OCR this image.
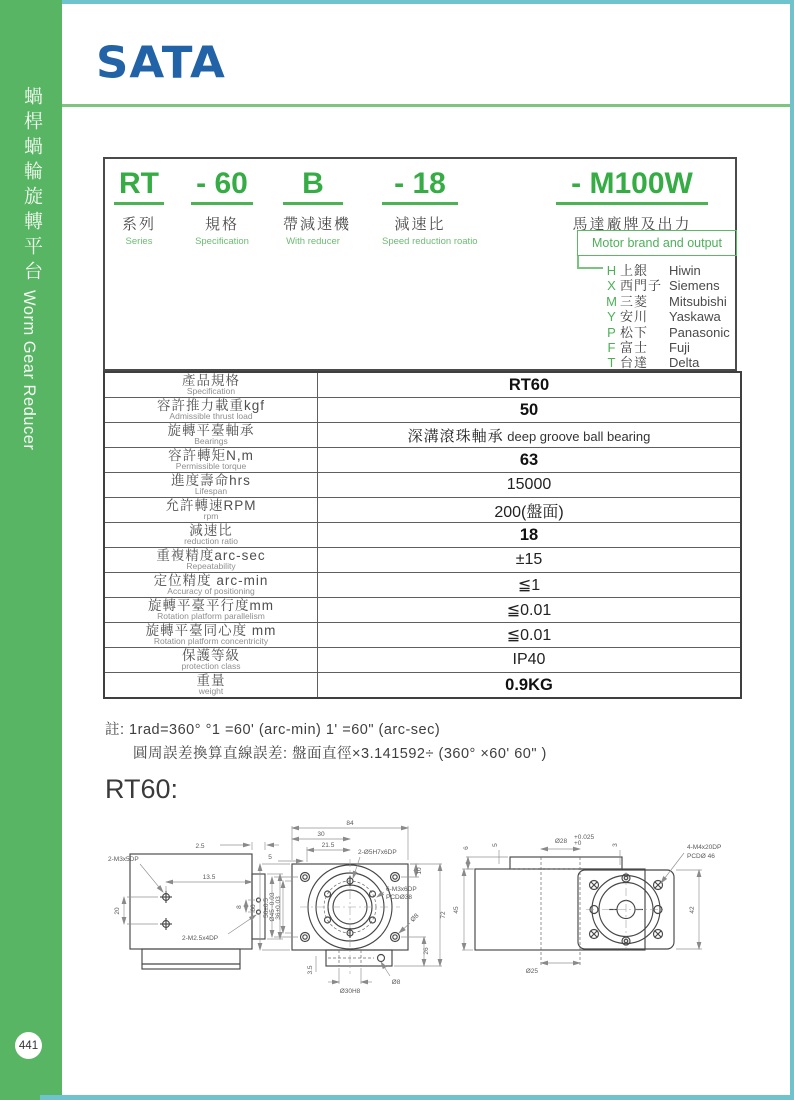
蝸桿蝸輪旋轉平台
Worm Gear Reducer
441
SATA
RT
系列
Series
- 60
規格
Specification
B
帶減速機
With reducer
- 18
減速比
Speed reduction roatio
- M100W
馬達廠牌及出力
Motor brand and output
H 上銀	Hiwin
X 西門子 Siemens
M 三菱	Mitsubishi
Y 安川	Yaskawa
P 松下	Panasonic
F 富士	Fuji
T 台達	Delta
產品規格
Specification	RT60

容許推力載重kgf
Admissible thrust load	50

旋轉平臺軸承
Bearings	深溝滾珠軸承 deep groove ball bearing

容許轉矩N,m
Permissible torque	63

進度壽命hrs
Lifespan	15000

允許轉速RPM
rpm	200(盤面)

減速比
reduction ratio	18

重複精度arc-sec
Repeatability	±15

定位精度 arc-min
Accuracy of positioning	≦1

旋轉平臺平行度mm
Rotation platform parallelism	≦0.01

旋轉平臺同心度 mm
Rotation platform concentricity	≦0.01

保護等級
protection class	IP40

重量
weight	0.9KG
註: 1rad=360° °1 =60' (arc-min) 1' =60" (arc-sec)
圓周誤差換算直線誤差: 盤面直徑×3.141592÷ (360° ×60' 60" )
RT60:
2-M3x5DP
2.5
13.5
20
8	Ø45 -0.03
2-M2.5x4DP
84
30
21.5
5
2-Ø5H7x6DP
60 50±0.5 36±0.03
10
72
26
Ø8
6-M3x6DP
PCDØ38
3.5
Ø30H8
Ø8
6
5	Ø28
+0.025
+0	3	4-M4x20DP
PCDØ 46
45	42
Ø25
